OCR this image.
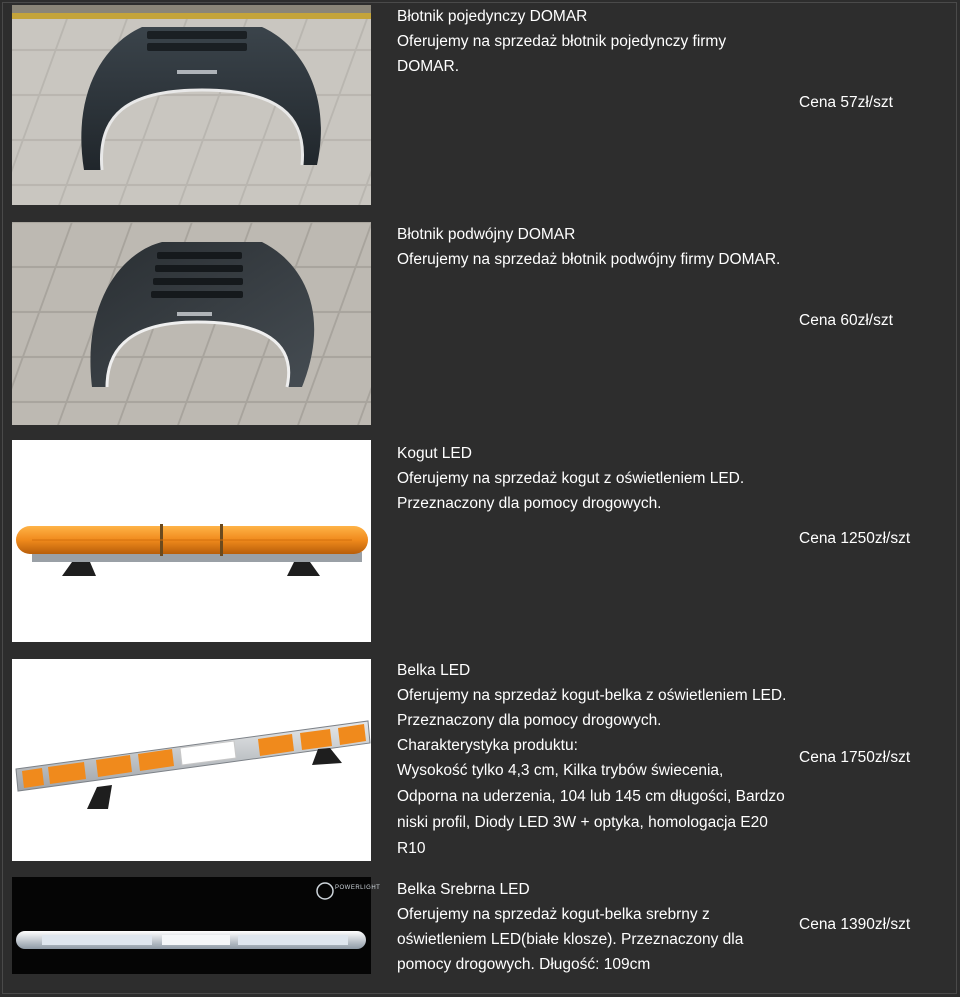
Błotnik pojedynczy DOMAR
Oferujemy na sprzedaż błotnik pojedynczy firmy DOMAR.
Cena 57zł/szt
Błotnik podwójny DOMAR
Oferujemy na sprzedaż błotnik podwójny firmy DOMAR.
Cena 60zł/szt
Kogut LED
Oferujemy na sprzedaż kogut z oświetleniem LED. Przeznaczony dla pomocy drogowych.
Cena 1250zł/szt
Belka LED
Oferujemy na sprzedaż kogut-belka z oświetleniem LED. Przeznaczony dla pomocy drogowych.
Charakterystyka produktu:
Wysokość tylko 4,3 cm, Kilka trybów świecenia, Odporna na uderzenia, 104 lub 145 cm długości, Bardzo niski profil, Diody LED 3W + optyka, homologacja E20 R10
Cena 1750zł/szt
POWERLIGHT Belka Srebrna LED
Oferujemy na sprzedaż kogut-belka srebrny z oświetleniem LED(białe klosze). Przeznaczony dla pomocy drogowych. Długość: 109cm
Cena 1390zł/szt
